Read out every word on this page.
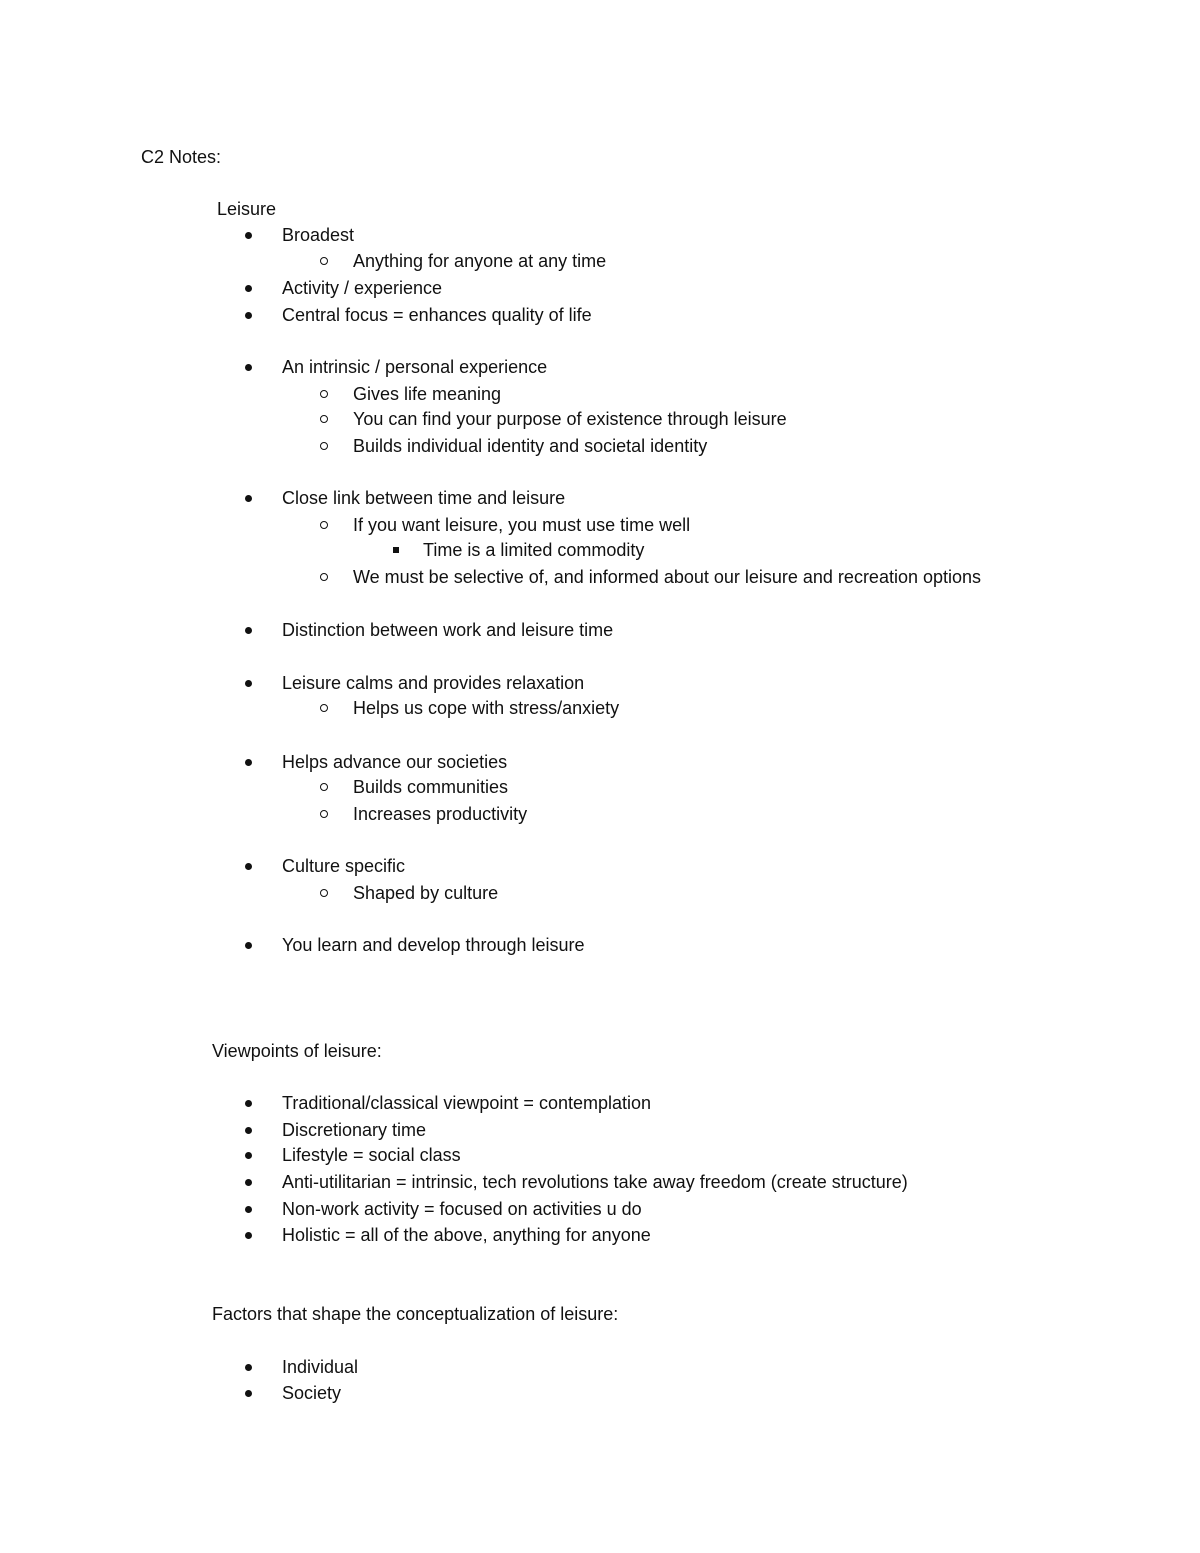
C2 Notes:
Leisure
Broadest
Anything for anyone at any time
Activity / experience
Central focus = enhances quality of life
An intrinsic / personal experience
Gives life meaning
You can find your purpose of existence through leisure
Builds individual identity and societal identity
Close link between time and leisure
If you want leisure, you must use time well
Time is a limited commodity
We must be selective of, and informed about our leisure and recreation options
Distinction between work and leisure time
Leisure calms and provides relaxation
Helps us cope with stress/anxiety
Helps advance our societies
Builds communities
Increases productivity
Culture specific
Shaped by culture
You learn and develop through leisure
Viewpoints of leisure:
Traditional/classical viewpoint = contemplation
Discretionary time
Lifestyle = social class
Anti-utilitarian = intrinsic, tech revolutions take away freedom (create structure)
Non-work activity = focused on activities u do
Holistic = all of the above, anything for anyone
Factors that shape the conceptualization of leisure:
Individual
Society
